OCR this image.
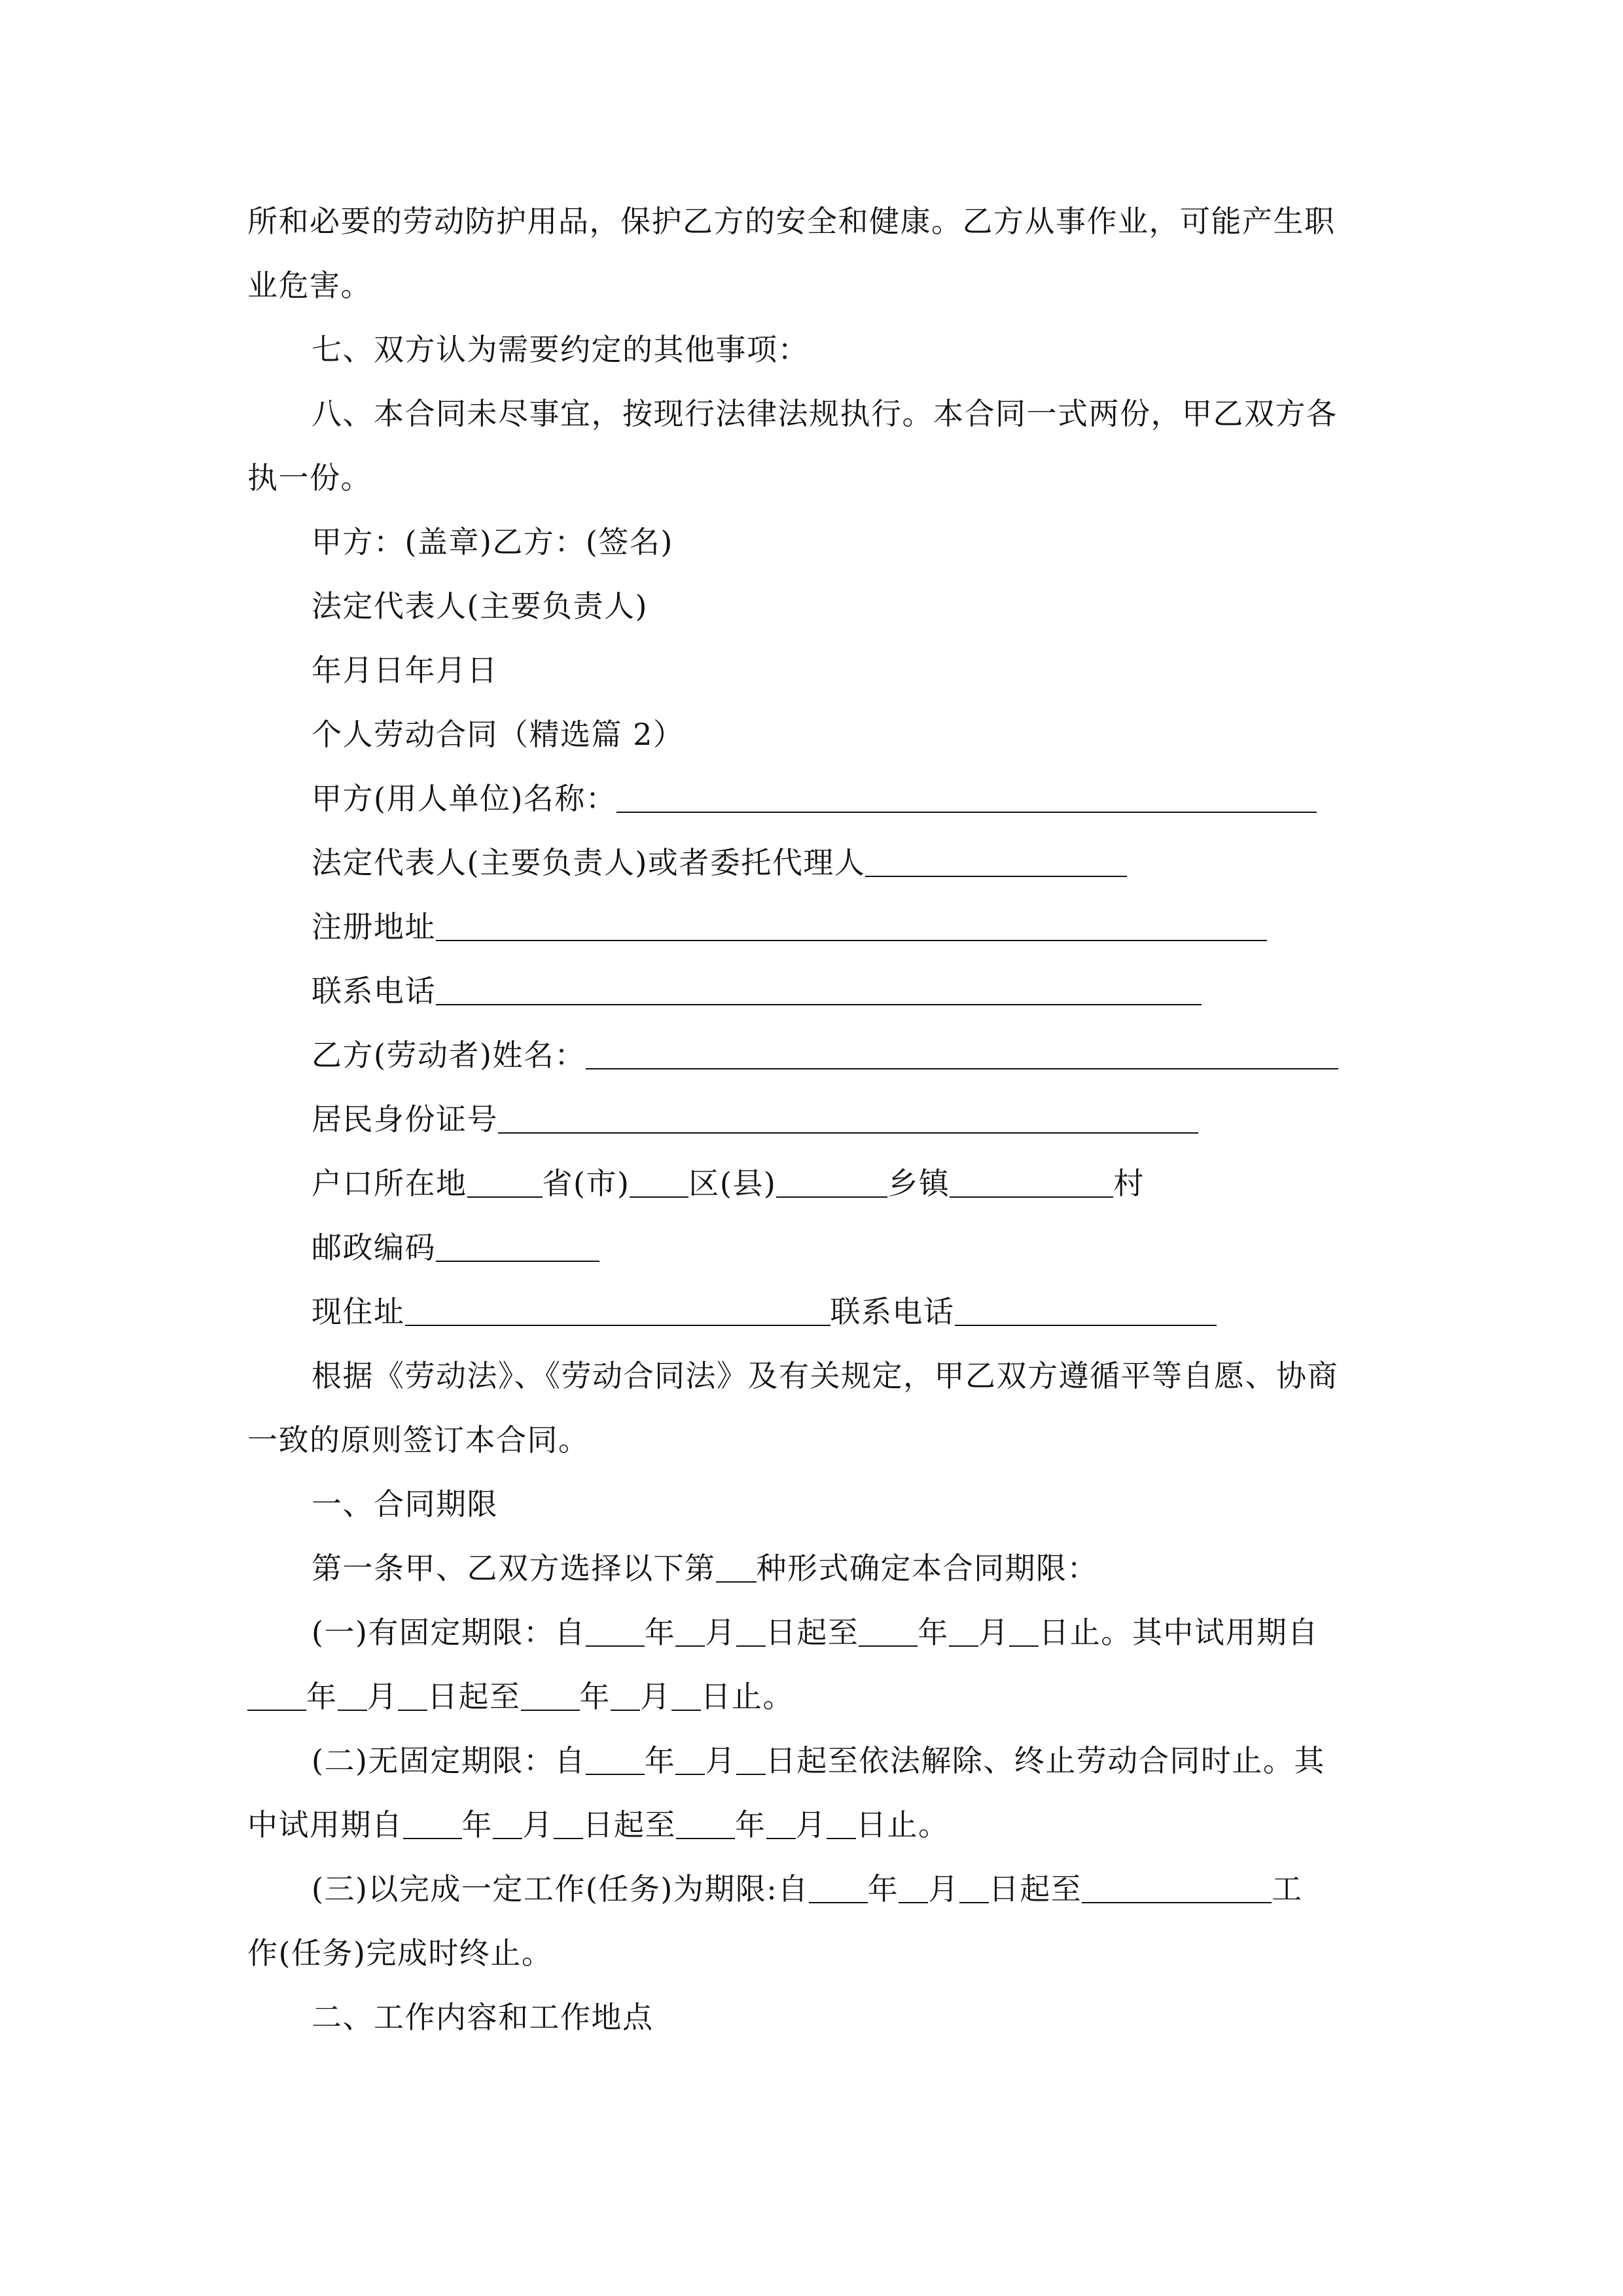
所和必要的劳动防护用品，保护乙方的安全和健康。乙方从事作业，可能产生职
业危害。
七、双方认为需要约定的其他事项：
八、本合同未尽事宜，按现行法律法规执行。本合同一式两份，甲乙双方各
执一份。
甲方：(盖章)乙方：(签名)
法定代表人(主要负责人)
年月日年月日
个人劳动合同（精选篇 2）
甲方(用人单位)名称：
法定代表人(主要负责人)或者委托代理人
注册地址
联系电话
乙方(劳动者)姓名：
居民身份证号
户口所在地	省(市) 区(县)	乡镇	村
邮政编码
现住址	联系电话
根据《劳动法》、《劳动合同法》及有关规定，甲乙双方遵循平等自愿、协商
一致的原则签订本合同。
一、合同期限
第一条甲、乙双方选择以下第 种形式确定本合同期限：
(一)有固定期限：自 年 月 日起至 年 月 日止。其中试用期自
年 月 日起至 年 月 日止。
(二)无固定期限：自 年 月 日起至依法解除、终止劳动合同时止。其
中试用期自 年 月 日起至 年 月 日止。
(三)以完成一定工作(任务)为期限:自 年 月 日起至	工
作(任务)完成时终止。
二、工作内容和工作地点
